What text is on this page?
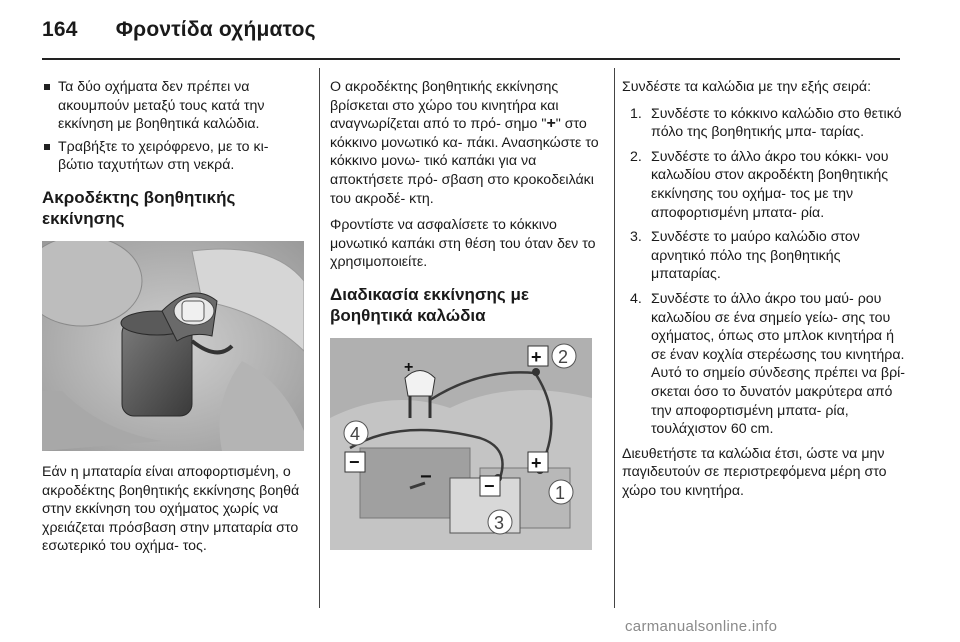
164 Φροντίδα οχήματος
Τα δύο οχήματα δεν πρέπει να ακουμπούν μεταξύ τους κατά την εκκίνηση με βοηθητικά καλώδια.
Τραβήξτε το χειρόφρενο, με το κι- βώτιο ταχυτήτων στη νεκρά.
Ακροδέκτης βοηθητικής εκκίνησης

Εάν η μπαταρία είναι αποφορτισμένη, ο ακροδέκτης βοηθητικής εκκίνησης βοηθά στην εκκίνηση του οχήματος χωρίς να χρειάζεται πρόσβαση στην μπαταρία στο εσωτερικό του οχήμα- τος.

Ο ακροδέκτης βοηθητικής εκκίνησης βρίσκεται στο χώρο του κινητήρα και αναγνωρίζεται από το πρό- σημο "+" στο κόκκινο μονωτικό κα- πάκι. Ανασηκώστε το κόκκινο μονω- τικό καπάκι για να αποκτήσετε πρό- σβαση στο κροκοδειλάκι του ακροδέ- κτη.

Φροντίστε να ασφαλίσετε το κόκκινο μονωτικό καπάκι στη θέση του όταν δεν το χρησιμοποιείτε.

Διαδικασία εκκίνησης με βοηθητικά καλώδια
+
−
+ 2
4
−	+
−	1
3

Συνδέστε τα καλώδια με την εξής σειρά:

1. Συνδέστε το κόκκινο καλώδιο στο θετικό πόλο της βοηθητικής μπα- ταρίας.
2. Συνδέστε το άλλο άκρο του κόκκι- νου καλωδίου στον ακροδέκτη βοηθητικής εκκίνησης του οχήμα- τος με την αποφορτισμένη μπατα- ρία.
3. Συνδέστε το μαύρο καλώδιο στον αρνητικό πόλο της βοηθητικής μπαταρίας.
4. Συνδέστε το άλλο άκρο του μαύ- ρου καλωδίου σε ένα σημείο γείω- σης του οχήματος, όπως στο μπλοκ κινητήρα ή σε έναν κοχλία στερέωσης του κινητήρα. Αυτό το σημείο σύνδεσης πρέπει να βρί- σκεται όσο το δυνατόν μακρύτερα από την αποφορτισμένη μπατα- ρία, τουλάχιστον 60 cm.

Διευθετήστε τα καλώδια έτσι, ώστε να μην παγιδευτούν σε περιστρεφόμενα μέρη στο χώρο του κινητήρα.

carmanualsonline.info
